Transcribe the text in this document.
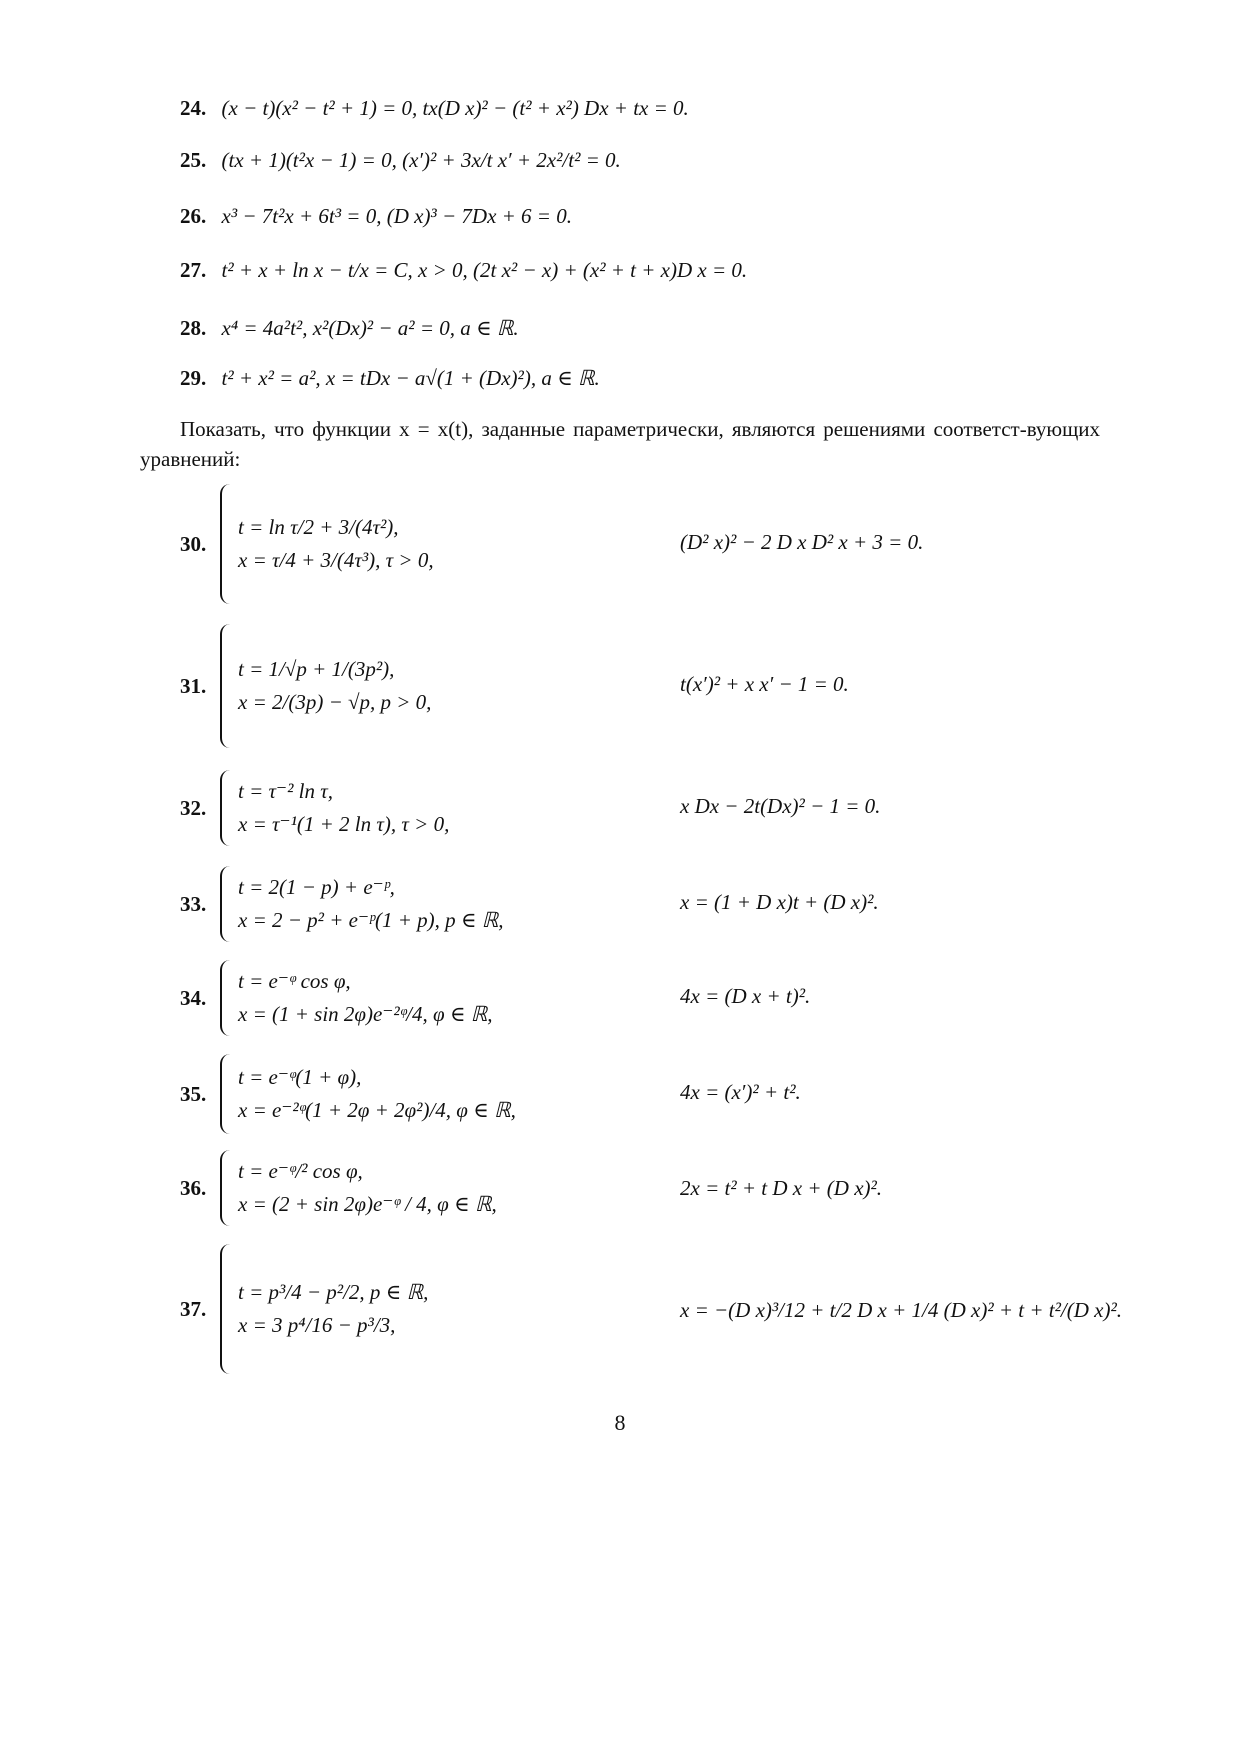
24. (x − t)(x² − t² + 1) = 0, tx(D x)² − (t² + x²) Dx + tx = 0.
25. (tx + 1)(t²x − 1) = 0, (x′)² + 3x/t x′ + 2x²/t² = 0.
26. x³ − 7t²x + 6t³ = 0, (D x)³ − 7Dx + 6 = 0.
27. t² + x + ln x − t/x = C, x > 0, (2t x² − x) + (x² + t + x)D x = 0.
28. x⁴ = 4a²t², x²(Dx)² − a² = 0, a ∈ ℝ.
29. t² + x² = a², x = tDx − a√(1 + (Dx)²), a ∈ ℝ.
Показать, что функции x = x(t), заданные параметрически, являются решениями соответст-вующих уравнений:
30.
t = ln τ/2 + 3/(4τ²),
x = τ/4 + 3/(4τ³), τ > 0,
(D² x)² − 2 D x D² x + 3 = 0.
31.
t = 1/√p + 1/(3p²),
x = 2/(3p) − √p, p > 0,
t(x′)² + x x′ − 1 = 0.
32.
t = τ⁻² ln τ,
x = τ⁻¹(1 + 2 ln τ), τ > 0,
x Dx − 2t(Dx)² − 1 = 0.
33.
t = 2(1 − p) + e⁻ᵖ,
x = 2 − p² + e⁻ᵖ(1 + p), p ∈ ℝ,
x = (1 + D x)t + (D x)².
34.
t = e⁻ᵠ cos φ,
x = (1 + sin 2φ)e⁻²ᵠ/4, φ ∈ ℝ,
4x = (D x + t)².
35.
t = e⁻ᵠ(1 + φ),
x = e⁻²ᵠ(1 + 2φ + 2φ²)/4, φ ∈ ℝ,
4x = (x′)² + t².
36.
t = e⁻ᵠ/² cos φ,
x = (2 + sin 2φ)e⁻ᵠ / 4, φ ∈ ℝ,
2x = t² + t D x + (D x)².
37.
t = p³/4 − p²/2, p ∈ ℝ,
x = 3 p⁴/16 − p³/3,
x = −(D x)³/12 + t/2 D x + 1/4 (D x)² + t + t²/(D x)².
8
